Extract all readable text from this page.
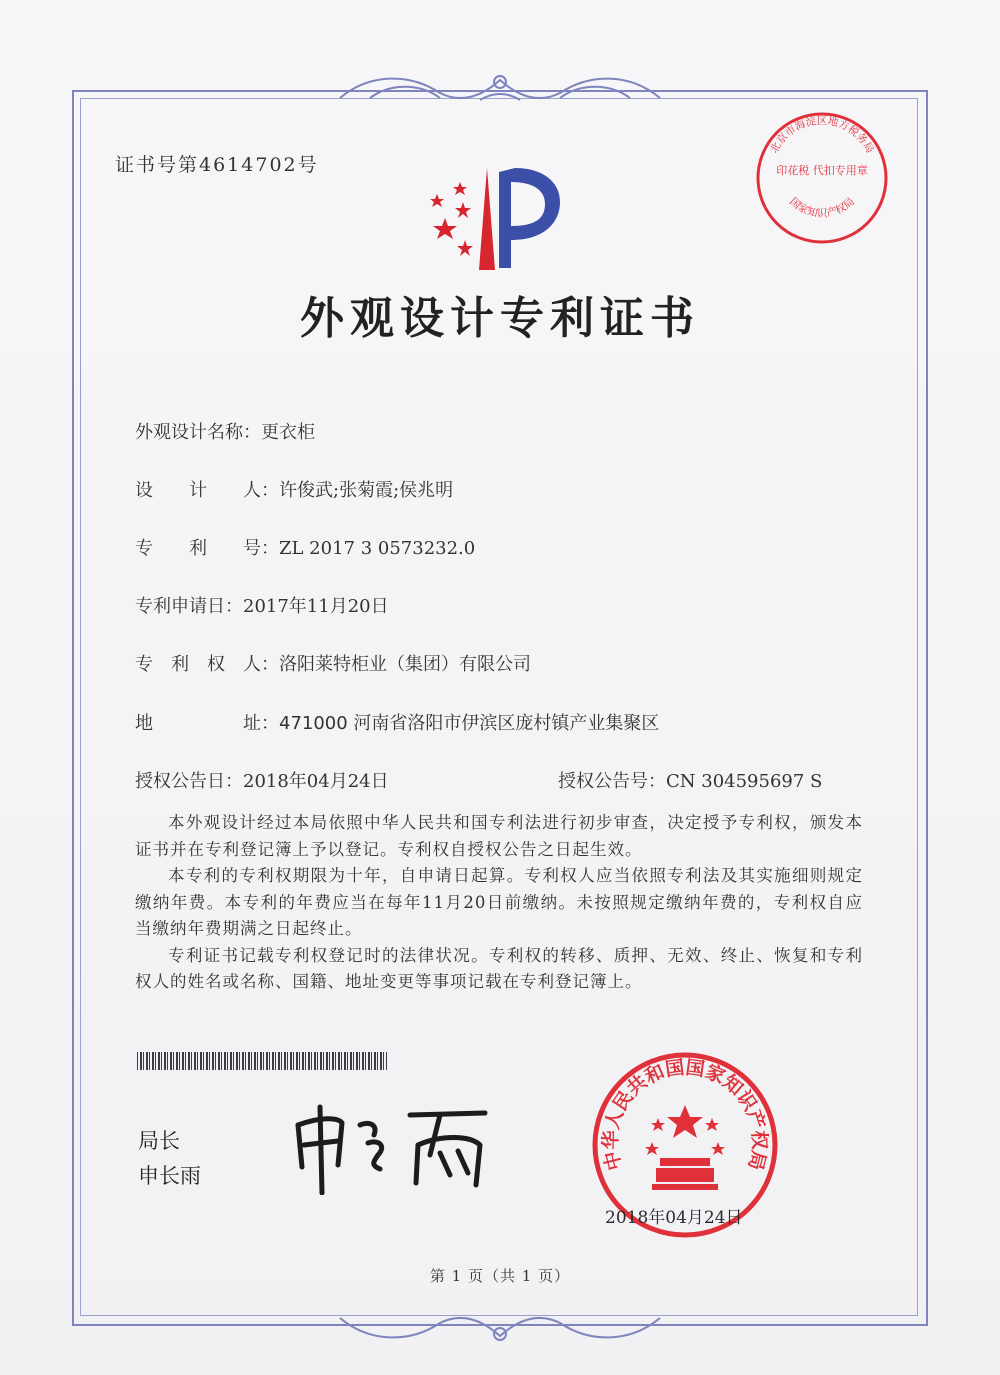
证书号第4614702号
外观设计专利证书
外观设计名称：更衣柜
设　　计　　人：许俊武;张菊霞;侯兆明
专　　利　　号：ZL 2017 3 0573232.0
专利申请日：2017年11月20日
专　利　权　人：洛阳莱特柜业（集团）有限公司
地　　　　　址：471000 河南省洛阳市伊滨区庞村镇产业集聚区
授权公告日：2018年04月24日	授权公告号：CN 304595697 S

本外观设计经过本局依照中华人民共和国专利法进行初步审查，决定授予专利权，颁发本证书并在专利登记簿上予以登记。专利权自授权公告之日起生效。

本专利的专利权期限为十年，自申请日起算。专利权人应当依照专利法及其实施细则规定缴纳年费。本专利的年费应当在每年11月20日前缴纳。未按照规定缴纳年费的，专利权自应当缴纳年费期满之日起终止。

专利证书记载专利权登记时的法律状况。专利权的转移、质押、无效、终止、恢复和专利权人的姓名或名称、国籍、地址变更等事项记载在专利登记簿上。

局长
申长雨
中华人民共和国国家知识产权局
2018年04月24日
北京市海淀区地方税务局
印花税 代扣专用章
国家知识产权局
第 1 页（共 1 页）
